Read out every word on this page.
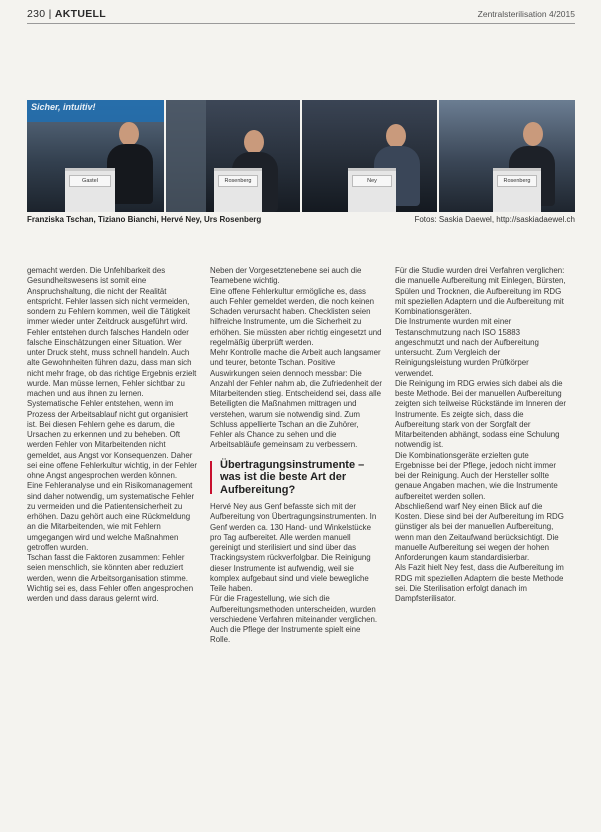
230 | AKTUELL	Zentralsterilisation 4/2015
Sicher, intuitiv!
Gastel	Rosenberg	Ney	Rosenberg
Franziska Tschan, Tiziano Bianchi, Hervé Ney, Urs Rosenberg	Fotos: Saskia Daewel, http://saskiadaewel.ch

gemacht werden. Die Unfehlbarkeit des Gesundheitswesens ist somit eine Anspruchshaltung, die nicht der Realität entspricht. Fehler lassen sich nicht vermeiden, sondern zu Fehlern kommen, weil die Tätigkeit immer wieder unter Zeitdruck ausgeführt wird.

Fehler entstehen durch falsches Handeln oder falsche Einschätzungen einer Situation. Wer unter Druck steht, muss schnell handeln. Auch alte Gewohnheiten führen dazu, dass man sich nicht mehr frage, ob das richtige Ergebnis erzielt wurde. Man müsse lernen, Fehler sichtbar zu machen und aus ihnen zu lernen.

Systematische Fehler entstehen, wenn im Prozess der Arbeitsablauf nicht gut organisiert ist. Bei diesen Fehlern gehe es darum, die Ursachen zu erkennen und zu beheben. Oft werden Fehler von Mitarbeitenden nicht gemeldet, aus Angst vor Konsequenzen. Daher sei eine offene Fehlerkultur wichtig, in der Fehler ohne Angst angesprochen werden können.

Eine Fehleranalyse und ein Risikomanagement sind daher notwendig, um systematische Fehler zu vermeiden und die Patientensicherheit zu erhöhen. Dazu gehört auch eine Rückmeldung an die Mitarbeitenden, wie mit Fehlern umgegangen wird und welche Maßnahmen getroffen wurden.

Tschan fasst die Faktoren zusammen: Fehler seien menschlich, sie könnten aber reduziert werden, wenn die Arbeitsorganisation stimme. Wichtig sei es, dass Fehler offen angesprochen werden und dass daraus gelernt wird.

Neben der Vorgesetztenebene sei auch die Teamebene wichtig.

Eine offene Fehlerkultur ermögliche es, dass auch Fehler gemeldet werden, die noch keinen Schaden verursacht haben. Checklisten seien hilfreiche Instrumente, um die Sicherheit zu erhöhen. Sie müssten aber richtig eingesetzt und regelmäßig überprüft werden.

Mehr Kontrolle mache die Arbeit auch langsamer und teurer, betonte Tschan. Positive Auswirkungen seien dennoch messbar: Die Anzahl der Fehler nahm ab, die Zufriedenheit der Mitarbeitenden stieg. Entscheidend sei, dass alle Beteiligten die Maßnahmen mittragen und verstehen, warum sie notwendig sind. Zum Schluss appellierte Tschan an die Zuhörer, Fehler als Chance zu sehen und die Arbeitsabläufe gemeinsam zu verbessern.

Übertragungsinstrumente – was ist die beste Art der Aufbereitung?

Hervé Ney aus Genf befasste sich mit der Aufbereitung von Übertragungsinstrumenten. In Genf werden ca. 130 Hand- und Winkelstücke pro Tag aufbereitet. Alle werden manuell gereinigt und sterilisiert und sind über das Trackingsystem rückverfolgbar. Die Reinigung dieser Instrumente ist aufwendig, weil sie komplex aufgebaut sind und viele bewegliche Teile haben.

Für die Fragestellung, wie sich die Aufbereitungsmethoden unterscheiden, wurden verschiedene Verfahren miteinander verglichen. Auch die Pflege der Instrumente spielt eine Rolle.

Für die Studie wurden drei Verfahren verglichen: die manuelle Aufbereitung mit Einlegen, Bürsten, Spülen und Trocknen, die Aufbereitung im RDG mit speziellen Adaptern und die Aufbereitung mit Kombinationsgeräten.

Die Instrumente wurden mit einer Testanschmutzung nach ISO 15883 angeschmutzt und nach der Aufbereitung untersucht. Zum Vergleich der Reinigungsleistung wurden Prüfkörper verwendet.

Die Reinigung im RDG erwies sich dabei als die beste Methode. Bei der manuellen Aufbereitung zeigten sich teilweise Rückstände im Inneren der Instrumente. Es zeigte sich, dass die Aufbereitung stark von der Sorgfalt der Mitarbeitenden abhängt, sodass eine Schulung notwendig ist.

Die Kombinationsgeräte erzielten gute Ergebnisse bei der Pflege, jedoch nicht immer bei der Reinigung. Auch der Hersteller sollte genaue Angaben machen, wie die Instrumente aufbereitet werden sollen.

Abschließend warf Ney einen Blick auf die Kosten. Diese sind bei der Aufbereitung im RDG günstiger als bei der manuellen Aufbereitung, wenn man den Zeitaufwand berücksichtigt. Die manuelle Aufbereitung sei wegen der hohen Anforderungen kaum standardisierbar.

Als Fazit hielt Ney fest, dass die Aufbereitung im RDG mit speziellen Adaptern die beste Methode sei. Die Sterilisation erfolgt danach im Dampfsterilisator.
